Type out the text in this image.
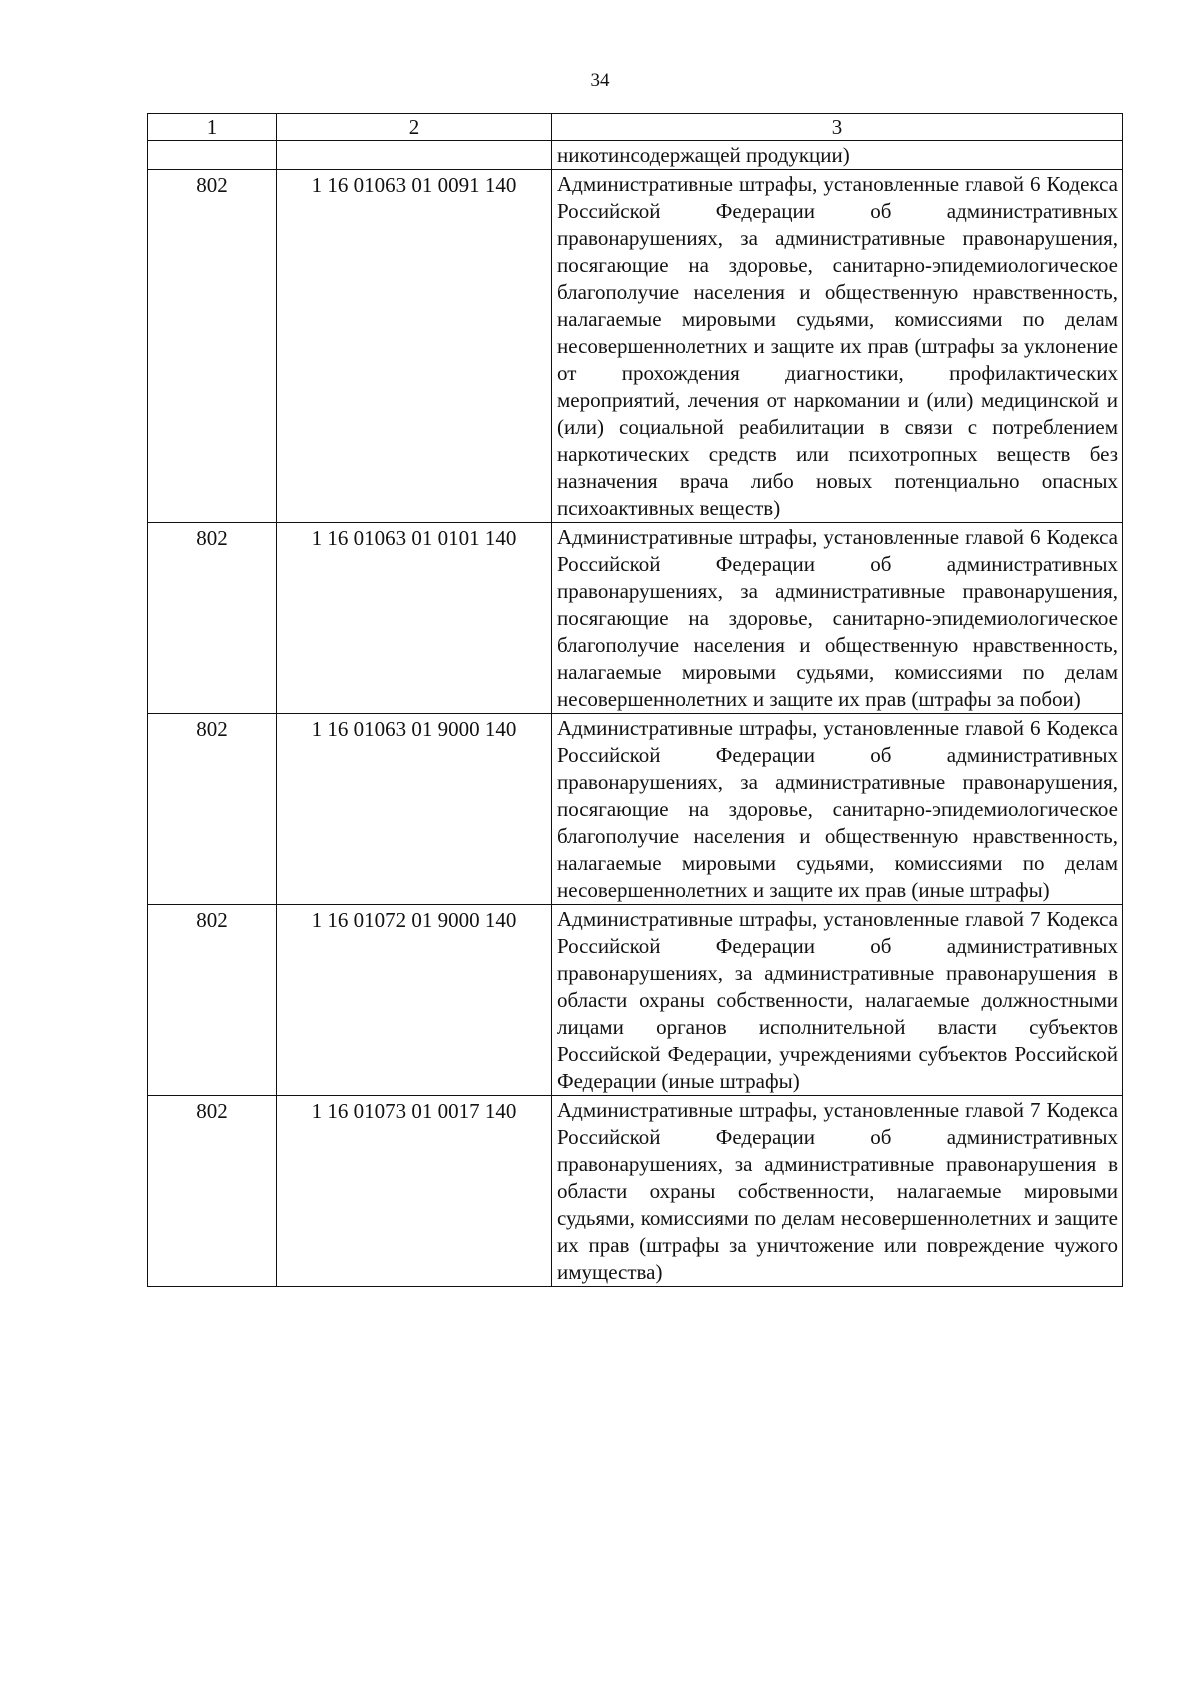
34
1	2	3
		никотинсодержащей продукции)
802	1 16 01063 01 0091 140	Административные штрафы, установленные главой 6 Кодекса Российской Федерации об административных правонарушениях, за административные правонарушения, посягающие на здоровье, санитарно-эпидемиологическое благополучие населения и общественную нравственность, налагаемые мировыми судьями, комиссиями по делам несовершеннолетних и защите их прав (штрафы за уклонение от прохождения диагностики, профилактических мероприятий, лечения от наркомании и (или) медицинской и (или) социальной реабилитации в связи с потреблением наркотических средств или психотропных веществ без назначения врача либо новых потенциально опасных психоактивных веществ)
802	1 16 01063 01 0101 140	Административные штрафы, установленные главой 6 Кодекса Российской Федерации об административных правонарушениях, за административные правонарушения, посягающие на здоровье, санитарно-эпидемиологическое благополучие населения и общественную нравственность, налагаемые мировыми судьями, комиссиями по делам несовершеннолетних и защите их прав (штрафы за побои)
802	1 16 01063 01 9000 140	Административные штрафы, установленные главой 6 Кодекса Российской Федерации об административных правонарушениях, за административные правонарушения, посягающие на здоровье, санитарно-эпидемиологическое благополучие населения и общественную нравственность, налагаемые мировыми судьями, комиссиями по делам несовершеннолетних и защите их прав (иные штрафы)
802	1 16 01072 01 9000 140	Административные штрафы, установленные главой 7 Кодекса Российской Федерации об административных правонарушениях, за административные правонарушения в области охраны собственности, налагаемые должностными лицами органов исполнительной власти субъектов Российской Федерации, учреждениями субъектов Российской Федерации (иные штрафы)
802	1 16 01073 01 0017 140	Административные штрафы, установленные главой 7 Кодекса Российской Федерации об административных правонарушениях, за административные правонарушения в области охраны собственности, налагаемые мировыми судьями, комиссиями по делам несовершеннолетних и защите их прав (штрафы за уничтожение или повреждение чужого имущества)
